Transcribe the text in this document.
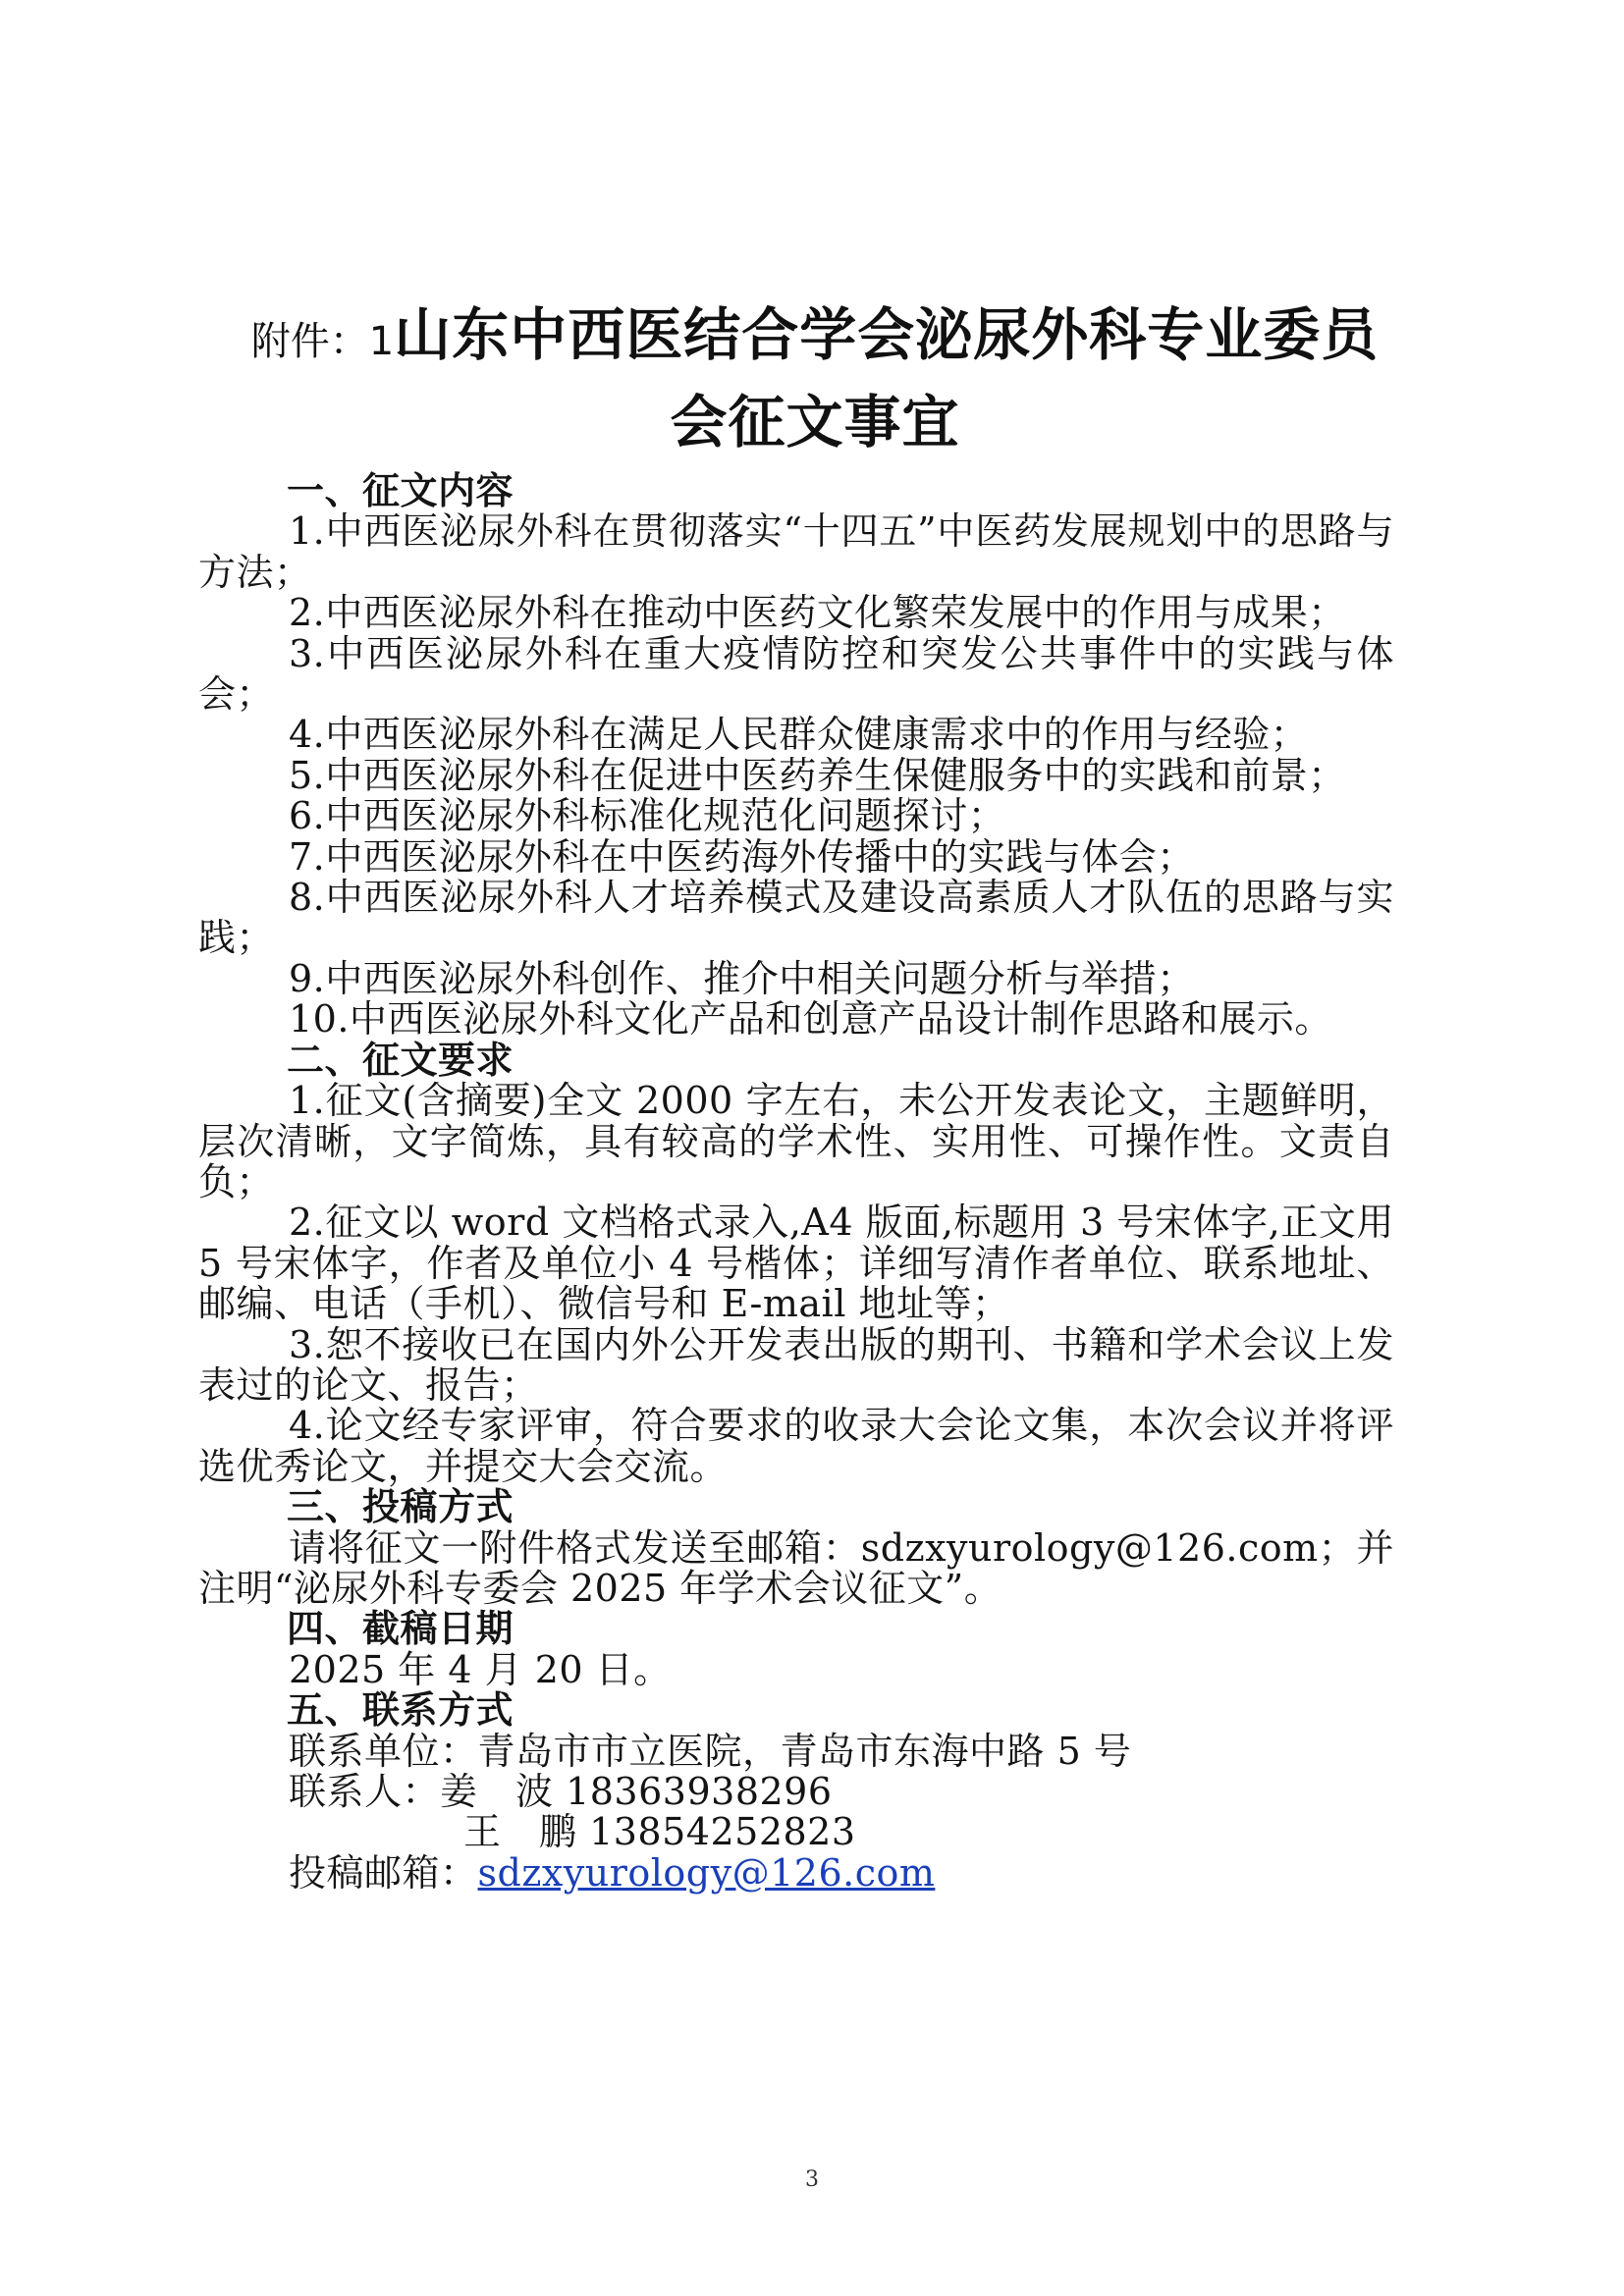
附件：1山东中西医结合学会泌尿外科专业委员
会征文事宜

一、征文内容

1.中西医泌尿外科在贯彻落实“十四五”中医药发展规划中的思路与方法；

2.中西医泌尿外科在推动中医药文化繁荣发展中的作用与成果；

3.中西医泌尿外科在重大疫情防控和突发公共事件中的实践与体会；

4.中西医泌尿外科在满足人民群众健康需求中的作用与经验；

5.中西医泌尿外科在促进中医药养生保健服务中的实践和前景；

6.中西医泌尿外科标准化规范化问题探讨；

7.中西医泌尿外科在中医药海外传播中的实践与体会；

8.中西医泌尿外科人才培养模式及建设高素质人才队伍的思路与实践；

9.中西医泌尿外科创作、推介中相关问题分析与举措；

10.中西医泌尿外科文化产品和创意产品设计制作思路和展示。

二、征文要求

1.征文(含摘要)全文 2000 字左右，未公开发表论文，主题鲜明，层次清晰，文字简炼，具有较高的学术性、实用性、可操作性。文责自负；

2.征文以 word 文档格式录入,A4 版面,标题用 3 号宋体字,正文用 5 号宋体字，作者及单位小 4 号楷体；详细写清作者单位、联系地址、邮编、电话（手机）、微信号和 E-mail 地址等；

3.恕不接收已在国内外公开发表出版的期刊、书籍和学术会议上发表过的论文、报告；

4.论文经专家评审，符合要求的收录大会论文集，本次会议并将评选优秀论文，并提交大会交流。

三、投稿方式

请将征文一附件格式发送至邮箱：sdzxyurology@126.com；并注明“泌尿外科专委会 2025 年学术会议征文”。

四、截稿日期

2025 年 4 月 20 日。

五、联系方式

联系单位：青岛市市立医院，青岛市东海中路 5 号

联系人：姜　波 18363938296

王　鹏 13854252823

投稿邮箱：sdzxyurology@126.com

3
